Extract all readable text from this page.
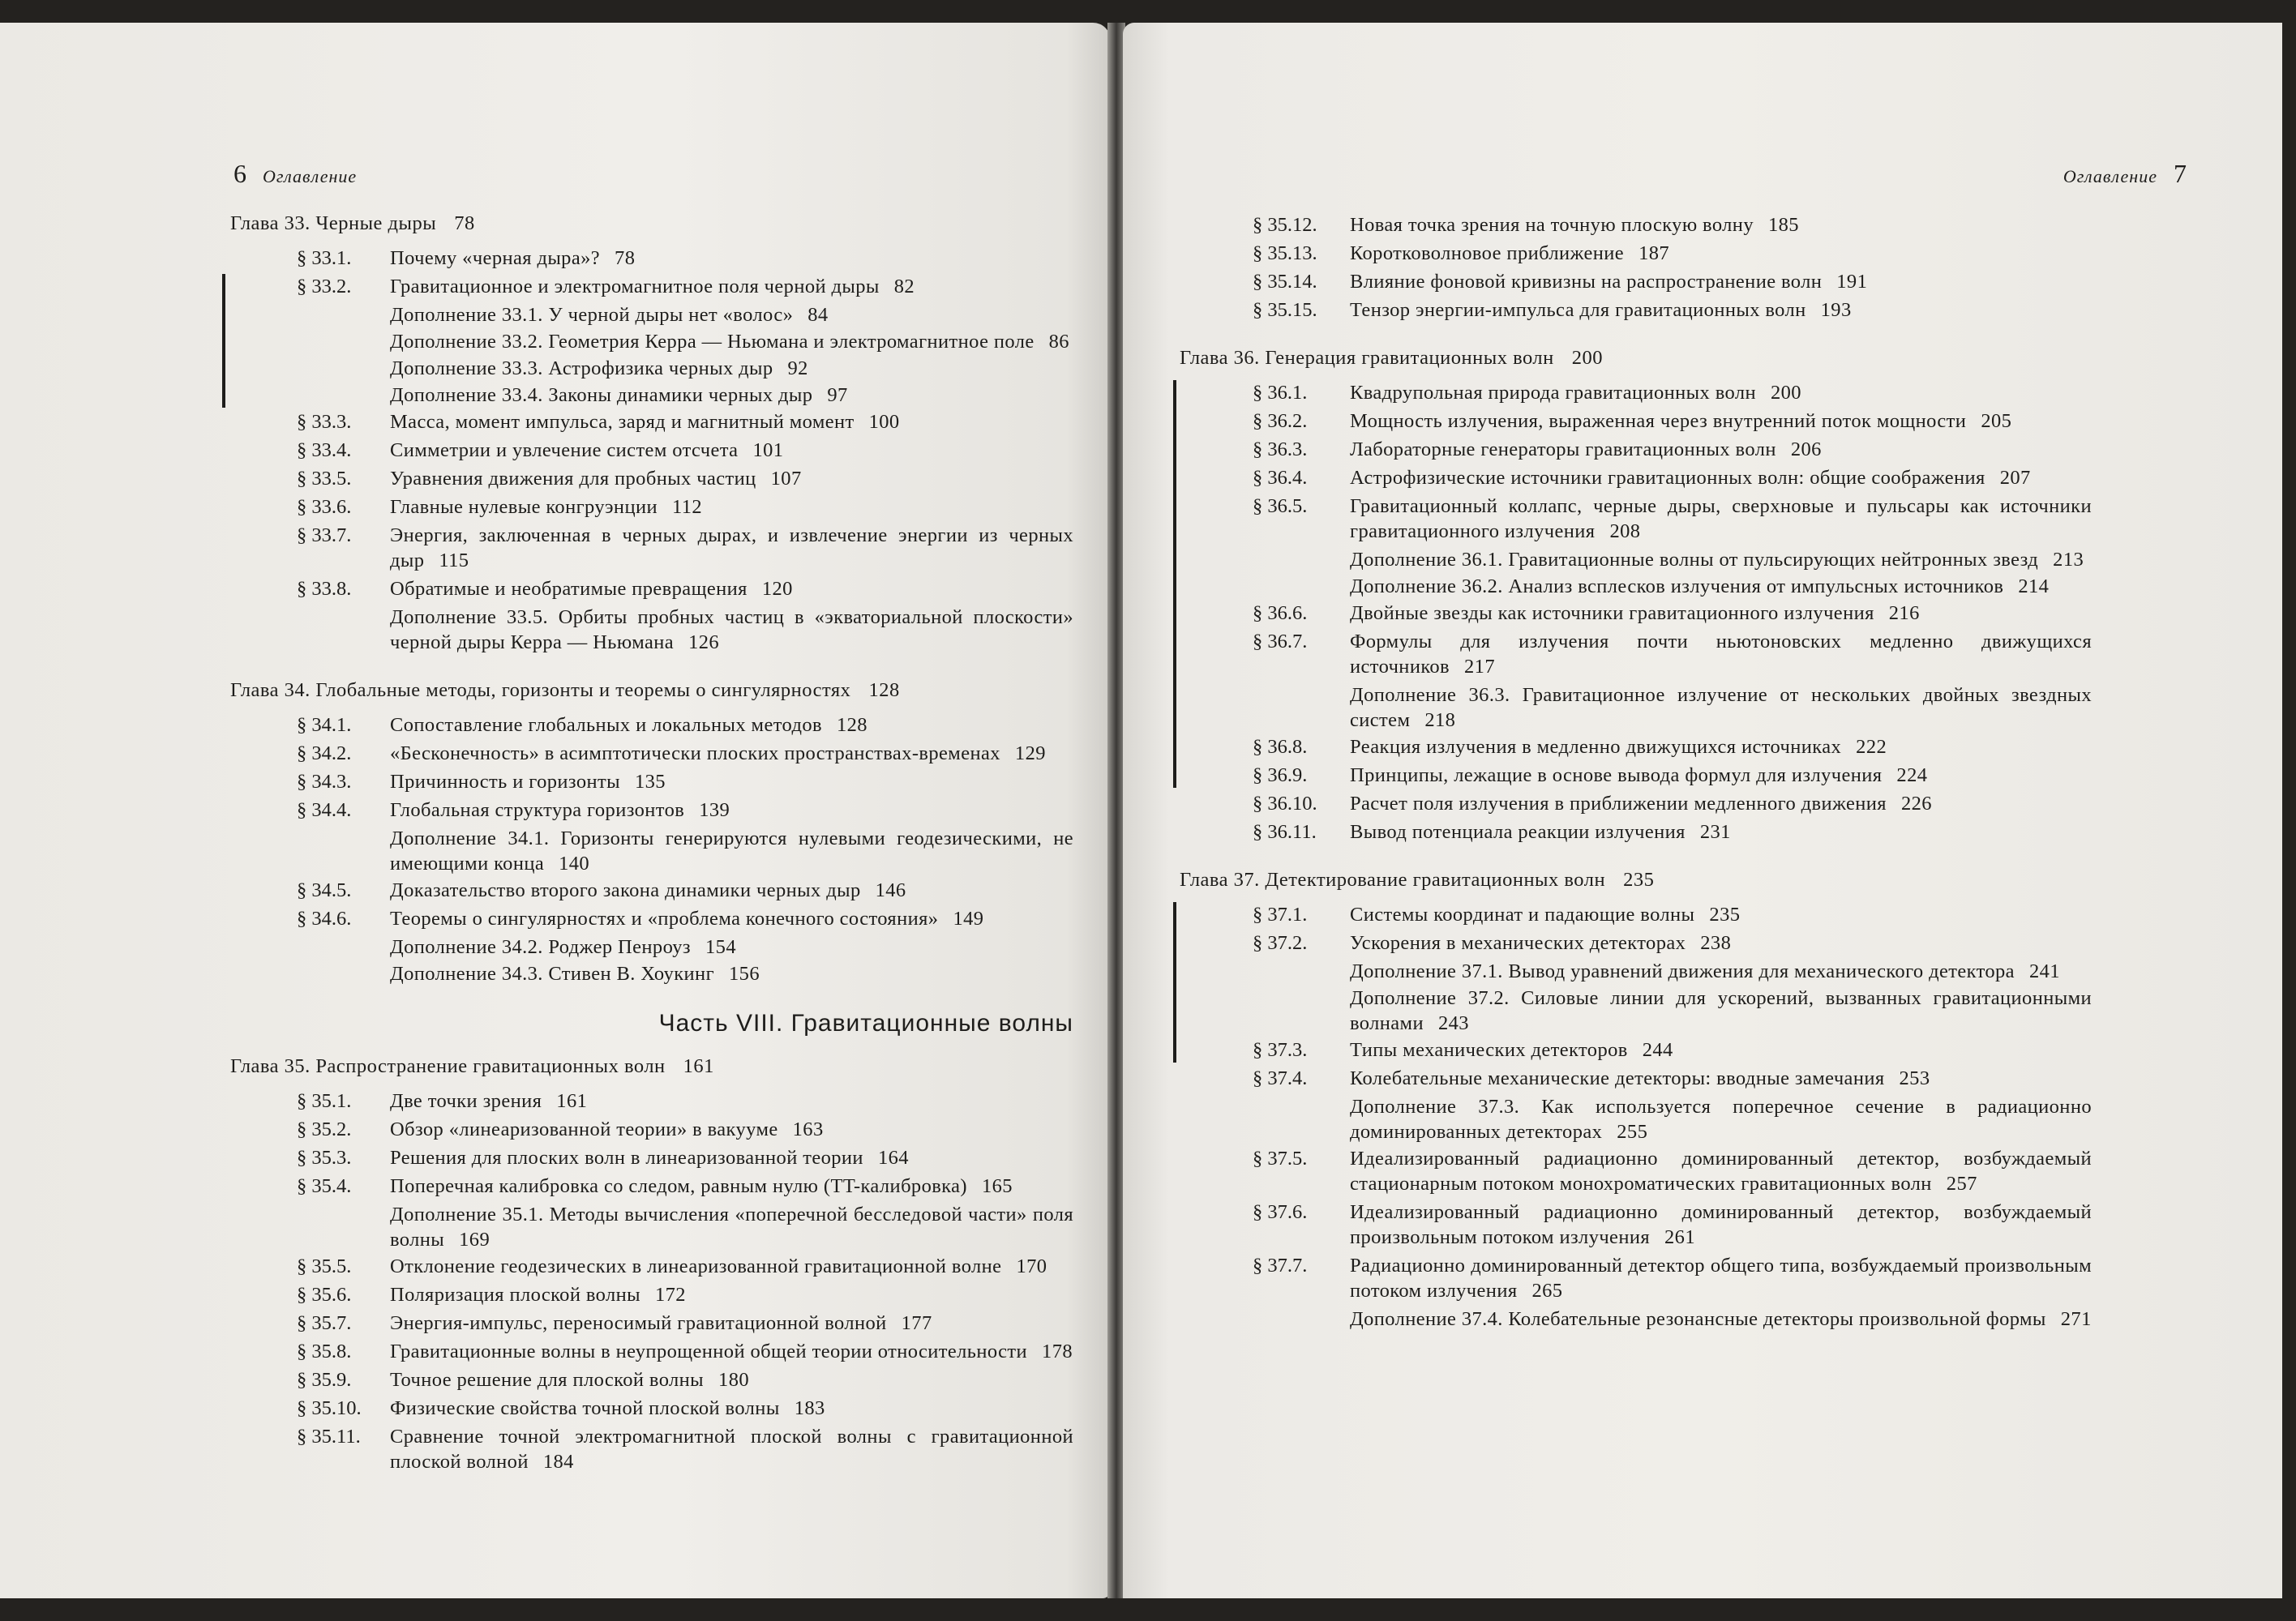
6 Оглавление
Глава 33. Черные дыры 78
§ 33.1.	Почему «черная дыра»? 78
§ 33.2.	Гравитационное и электромагнитное поля черной дыры 82
Дополнение 33.1. У черной дыры нет «волос» 84
Дополнение 33.2. Геометрия Керра — Ньюмана и электромагнитное поле 86
Дополнение 33.3. Астрофизика черных дыр 92
Дополнение 33.4. Законы динамики черных дыр 97
§ 33.3.	Масса, момент импульса, заряд и магнитный момент 100
§ 33.4.	Симметрии и увлечение систем отсчета 101
§ 33.5.	Уравнения движения для пробных частиц 107
§ 33.6.	Главные нулевые конгруэнции 112
§ 33.7.	Энергия, заключенная в черных дырах, и извлечение энергии из черных дыр 115
§ 33.8.	Обратимые и необратимые превращения 120
Дополнение 33.5. Орбиты пробных частиц в «экваториальной плоскости» черной дыры Керра — Ньюмана 126
Глава 34. Глобальные методы, горизонты и теоремы о сингулярностях 128
§ 34.1.	Сопоставление глобальных и локальных методов 128
§ 34.2.	«Бесконечность» в асимптотически плоских пространствах-временах 129
§ 34.3.	Причинность и горизонты 135
§ 34.4.	Глобальная структура горизонтов 139
Дополнение 34.1. Горизонты генерируются нулевыми геодезическими, не имеющими конца 140
§ 34.5.	Доказательство второго закона динамики черных дыр 146
§ 34.6.	Теоремы о сингулярностях и «проблема конечного состояния» 149
Дополнение 34.2. Роджер Пенроуз 154
Дополнение 34.3. Стивен В. Хоукинг 156
Часть VIII. Гравитационные волны
Глава 35. Распространение гравитационных волн 161
§ 35.1.	Две точки зрения 161
§ 35.2.	Обзор «линеаризованной теории» в вакууме 163
§ 35.3.	Решения для плоских волн в линеаризованной теории 164
§ 35.4.	Поперечная калибровка со следом, равным нулю (TT-калибровка) 165
Дополнение 35.1. Методы вычисления «поперечной бесследовой части» поля волны 169
§ 35.5.	Отклонение геодезических в линеаризованной гравитационной волне 170
§ 35.6.	Поляризация плоской волны 172
§ 35.7.	Энергия-импульс, переносимый гравитационной волной 177
§ 35.8.	Гравитационные волны в неупрощенной общей теории относительности 178
§ 35.9.	Точное решение для плоской волны 180
§ 35.10.	Физические свойства точной плоской волны 183
§ 35.11.	Сравнение точной электромагнитной плоской волны с гравитационной плоской волной 184
Оглавление 7
§ 35.12.	Новая точка зрения на точную плоскую волну 185
§ 35.13.	Коротковолновое приближение 187
§ 35.14.	Влияние фоновой кривизны на распространение волн 191
§ 35.15.	Тензор энергии-импульса для гравитационных волн 193
Глава 36. Генерация гравитационных волн 200
§ 36.1.	Квадрупольная природа гравитационных волн 200
§ 36.2.	Мощность излучения, выраженная через внутренний поток мощности 205
§ 36.3.	Лабораторные генераторы гравитационных волн 206
§ 36.4.	Астрофизические источники гравитационных волн: общие соображения 207
§ 36.5.	Гравитационный коллапс, черные дыры, сверхновые и пульсары как источники гравитационного излучения 208
Дополнение 36.1. Гравитационные волны от пульсирующих нейтронных звезд 213
Дополнение 36.2. Анализ всплесков излучения от импульсных источников 214
§ 36.6.	Двойные звезды как источники гравитационного излучения 216
§ 36.7.	Формулы для излучения почти ньютоновских медленно движущихся источников 217
Дополнение 36.3. Гравитационное излучение от нескольких двойных звездных систем 218
§ 36.8.	Реакция излучения в медленно движущихся источниках 222
§ 36.9.	Принципы, лежащие в основе вывода формул для излучения 224
§ 36.10.	Расчет поля излучения в приближении медленного движения 226
§ 36.11.	Вывод потенциала реакции излучения 231
Глава 37. Детектирование гравитационных волн 235
§ 37.1.	Системы координат и падающие волны 235
§ 37.2.	Ускорения в механических детекторах 238
Дополнение 37.1. Вывод уравнений движения для механического детектора 241
Дополнение 37.2. Силовые линии для ускорений, вызванных гравитационными волнами 243
§ 37.3.	Типы механических детекторов 244
§ 37.4.	Колебательные механические детекторы: вводные замечания 253
Дополнение 37.3. Как используется поперечное сечение в радиационно доминированных детекторах 255
§ 37.5.	Идеализированный радиационно доминированный детектор, возбуждаемый стационарным потоком монохроматических гравитационных волн 257
§ 37.6.	Идеализированный радиационно доминированный детектор, возбуждаемый произвольным потоком излучения 261
§ 37.7.	Радиационно доминированный детектор общего типа, возбуждаемый произвольным потоком излучения 265
Дополнение 37.4. Колебательные резонансные детекторы произвольной формы 271
